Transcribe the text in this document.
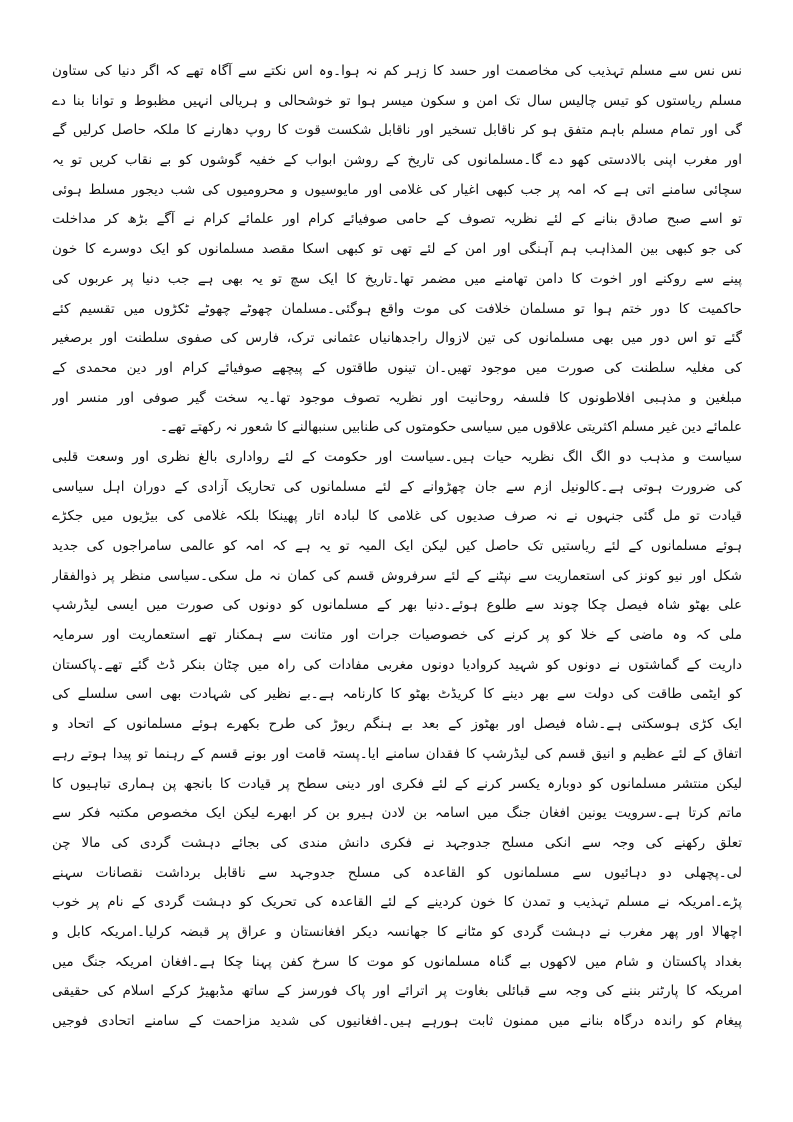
نس نس سے مسلم تہذیب کی مخاصمت اور حسد کا زہر کم نہ ہوا۔وہ اس نکتے سے آگاہ تھے کہ اگر دنیا کی ستاون
مسلم ریاستوں کو تیس چالیس سال تک امن و سکون میسر ہوا تو خوشحالی و ہریالی انہیں مظبوط و توانا بنا دے
گی اور تمام مسلم باہم متفق ہو کر ناقابل تسخیر اور ناقابل شکست قوت کا روپ دھارنے کا ملکہ حاصل کرلیں گے
اور مغرب اپنی بالادستی کھو دے گا۔مسلمانوں کی تاریخ کے روشن ابواب کے خفیہ گوشوں کو بے نقاب کریں تو یہ
سچائی سامنے اتی ہے کہ امہ پر جب کبھی اغیار کی غلامی اور مایوسیوں و محرومیوں کی شب دیجور مسلط ہوئی
تو اسے صبح صادق بنانے کے لئے نظریہ تصوف کے حامی صوفیائے کرام اور علمائے کرام نے آگے بڑھ کر مداخلت
کی جو کبھی بین المذاہب ہم آہنگی اور امن کے لئے تھی تو کبھی اسکا مقصد مسلمانوں کو ایک دوسرے کا خون
پینے سے روکنے اور اخوت کا دامن تھامنے میں مضمر تھا۔تاریخ کا ایک سچ تو یہ بھی ہے جب دنیا پر عربوں کی
حاکمیت کا دور ختم ہوا تو مسلمان خلافت کی موت واقع ہوگئی۔مسلمان چھوٹے چھوٹے ٹکڑوں میں تقسیم کئے
گئے تو اس دور میں بھی مسلمانوں کی تین لازوال راجدھانیاں عثمانی ترک، فارس کی صفوی سلطنت اور برصغیر
کی مغلیہ سلطنت کی صورت میں موجود تھیں۔ان تینوں طاقتوں کے پیچھے صوفیائے کرام اور دین محمدی کے
مبلغین و مذہبی افلاطونوں کا فلسفہ روحانیت اور نظریہ تصوف موجود تھا۔یہ سخت گیر صوفی اور منسر اور
علمائے دین غیر مسلم اکثریتی علاقوں میں سیاسی حکومتوں کی طنابیں سنبھالنے کا شعور نہ رکھتے تھے۔
سیاست و مذہب دو الگ الگ نظریہ حیات ہیں۔سیاست اور حکومت کے لئے رواداری بالغ نظری اور وسعت قلبی
کی ضرورت ہوتی ہے۔کالونیل ازم سے جان چھڑوانے کے لئے مسلمانوں کی تحاریک آزادی کے دوران اہل سیاسی
قیادت تو مل گئی جنہوں نے نہ صرف صدیوں کی غلامی کا لبادہ اتار پھینکا بلکہ غلامی کی بیڑیوں میں جکڑے
ہوئے مسلمانوں کے لئے ریاستیں تک حاصل کیں لیکن ایک المیہ تو یہ ہے کہ امہ کو عالمی سامراجوں کی جدید
شکل اور نیو کونز کی استعماریت سے نپٹنے کے لئے سرفروش قسم کی کمان نہ مل سکی۔سیاسی منظر پر ذوالفقار
علی بھٹو شاہ فیصل چکا چوند سے طلوع ہوئے۔دنیا بھر کے مسلمانوں کو دونوں کی صورت میں ایسی لیڈرشپ
ملی کہ وہ ماضی کے خلا کو پر کرنے کی خصوصیات جرات اور متانت سے ہمکنار تھے استعماریت اور سرمایہ
داریت کے گماشتوں نے دونوں کو شہید کروادیا دونوں مغربی مفادات کی راہ میں چٹان بنکر ڈٹ گئے تھے۔پاکستان
کو ایٹمی طاقت کی دولت سے بھر دینے کا کریڈٹ بھٹو کا کارنامہ ہے۔بے نظیر کی شہادت بھی اسی سلسلے کی
ایک کڑی ہوسکتی ہے۔شاہ فیصل اور بھٹوز کے بعد بے ہنگم ریوڑ کی طرح بکھرے ہوئے مسلمانوں کے اتحاد و
اتفاق کے لئے عظیم و انیق قسم کی لیڈرشپ کا فقدان سامنے ایا۔پستہ قامت اور بونے قسم کے رہنما تو پیدا ہوتے رہے
لیکن منتشر مسلمانوں کو دوبارہ یکسر کرنے کے لئے فکری اور دینی سطح پر قیادت کا بانجھ پن ہماری تباہیوں کا
ماتم کرتا ہے۔سرویت یونین افغان جنگ میں اسامہ بن لادن ہیرو بن کر ابھرے لیکن ایک مخصوص مکتبہ فکر سے
تعلق رکھنے کی وجہ سے انکی مسلح جدوجہد نے فکری دانش مندی کی بجائے دہشت گردی کی مالا چن
لی۔پچھلی دو دہائیوں سے مسلمانوں کو القاعدہ کی مسلح جدوجہد سے ناقابل برداشت نقصانات سہنے
پڑے۔امریکہ نے مسلم تہذیب و تمدن کا خون کردینے کے لئے القاعدہ کی تحریک کو دہشت گردی کے نام پر خوب
اچھالا اور پھر مغرب نے دہشت گردی کو مٹانے کا جھانسہ دیکر افغانستان و عراق پر قبضہ کرلیا۔امریکہ کابل و
بغداد پاکستان و شام میں لاکھوں بے گناہ مسلمانوں کو موت کا سرخ کفن پہنا چکا ہے۔افغان امریکہ جنگ میں
امریکہ کا پارٹنر بننے کی وجہ سے قبائلی بغاوت پر اترائے اور پاک فورسز کے ساتھ مڈبھیڑ کرکے اسلام کی حقیقی
پیغام کو راندہ درگاہ بنانے میں ممنون ثابت ہورہے ہیں۔افغانیوں کی شدید مزاحمت کے سامنے اتحادی فوجیں
